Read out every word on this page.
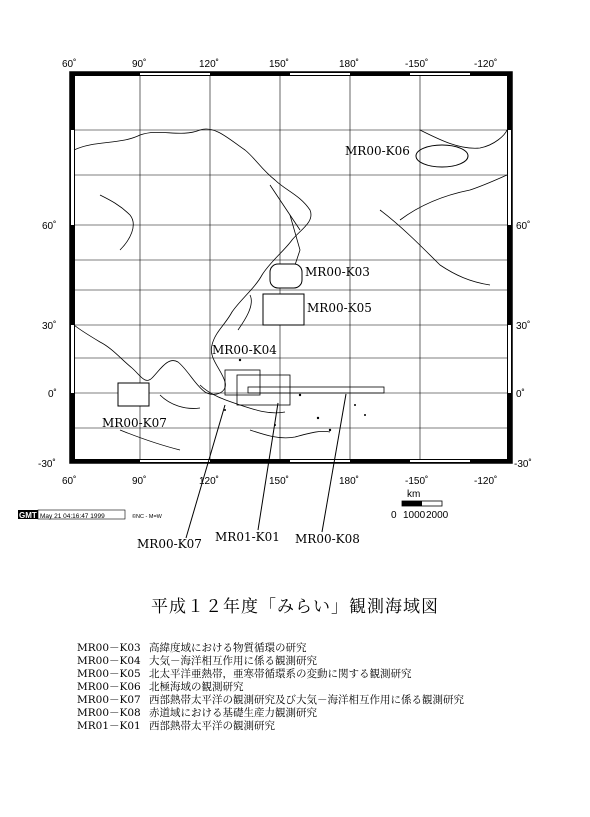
MR00-K06
MR00-K03
MR00-K05
MR00-K04
MR00-K07
MR00-K07 MR01-K01 MR00-K08
60˚	90˚	120˚	150˚	180˚	-150˚	-120˚
60˚	90˚	120˚	150˚	180˚	-150˚	-120˚
60˚
30˚
0˚
-30˚
60˚
30˚
0˚
-30˚
km
0 1000 2000
GMT May 21 04:16:47 1999	©NC - M=W
平成１２年度「みらい」観測海域図
MR00－K03 高緯度域における物質循環の研究
MR00－K04 大気－海洋相互作用に係る観測研究
MR00－K05 北太平洋亜熱帯，亜寒帯循環系の変動に関する観測研究
MR00－K06 北極海域の観測研究
MR00－K07 西部熱帯太平洋の観測研究及び大気－海洋相互作用に係る観測研究
MR00－K08 赤道域における基礎生産力観測研究
MR01－K01 西部熱帯太平洋の観測研究
